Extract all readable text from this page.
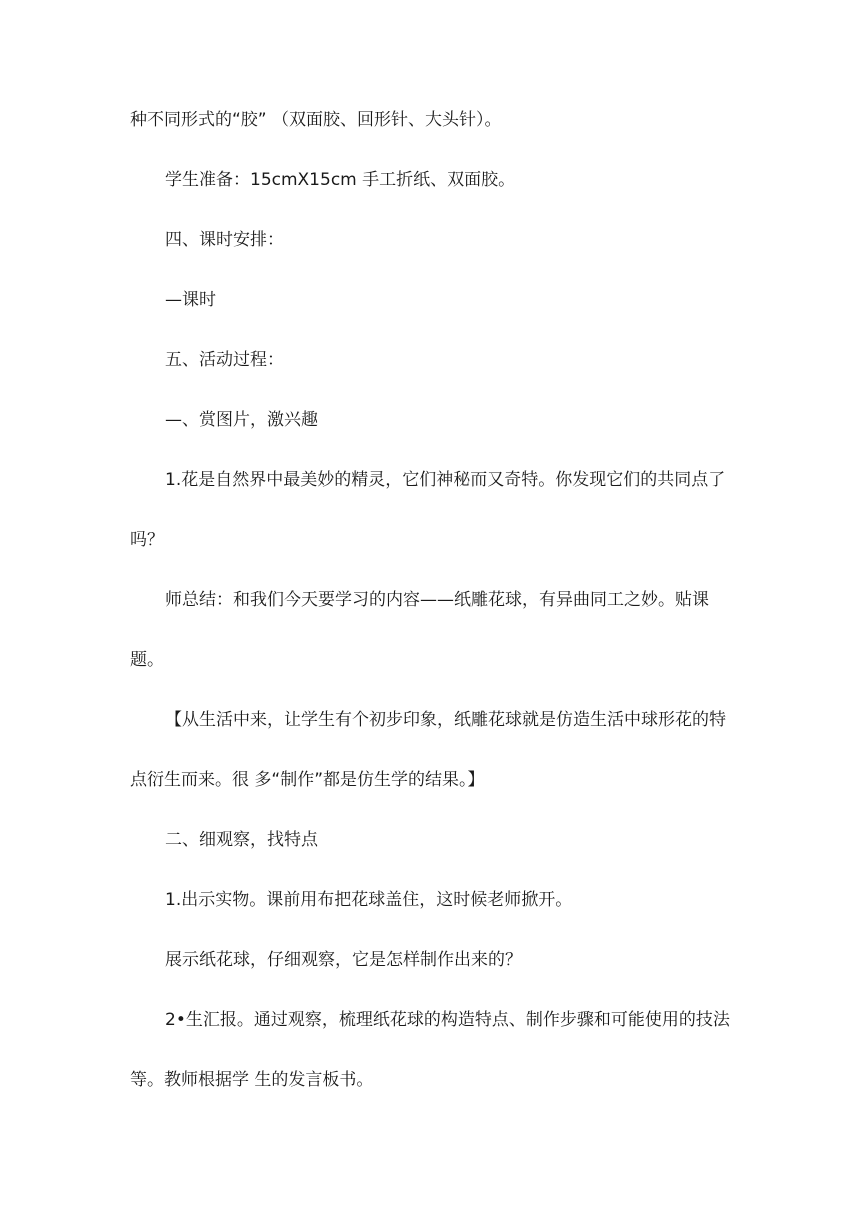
种不同形式的“胶” （双面胶、回形针、大头针）。
学生准备：15cmX15cm 手工折纸、双面胶。
四、课时安排：
—课时
五、活动过程：
—、赏图片，激兴趣
1.花是自然界中最美妙的精灵，它们神秘而又奇特。你发现它们的共同点了
吗？
师总结：和我们今天要学习的内容——纸雕花球，有异曲同工之妙。贴课
题。
【从生活中来，让学生有个初步印象，纸雕花球就是仿造生活中球形花的特
点衍生而来。很 多“制作”都是仿生学的结果。】
二、细观察，找特点
1.出示实物。课前用布把花球盖住，这时候老师掀开。
展示纸花球，仔细观察，它是怎样制作出来的？
2•生汇报。通过观察，梳理纸花球的构造特点、制作步骤和可能使用的技法
等。教师根据学 生的发言板书。
